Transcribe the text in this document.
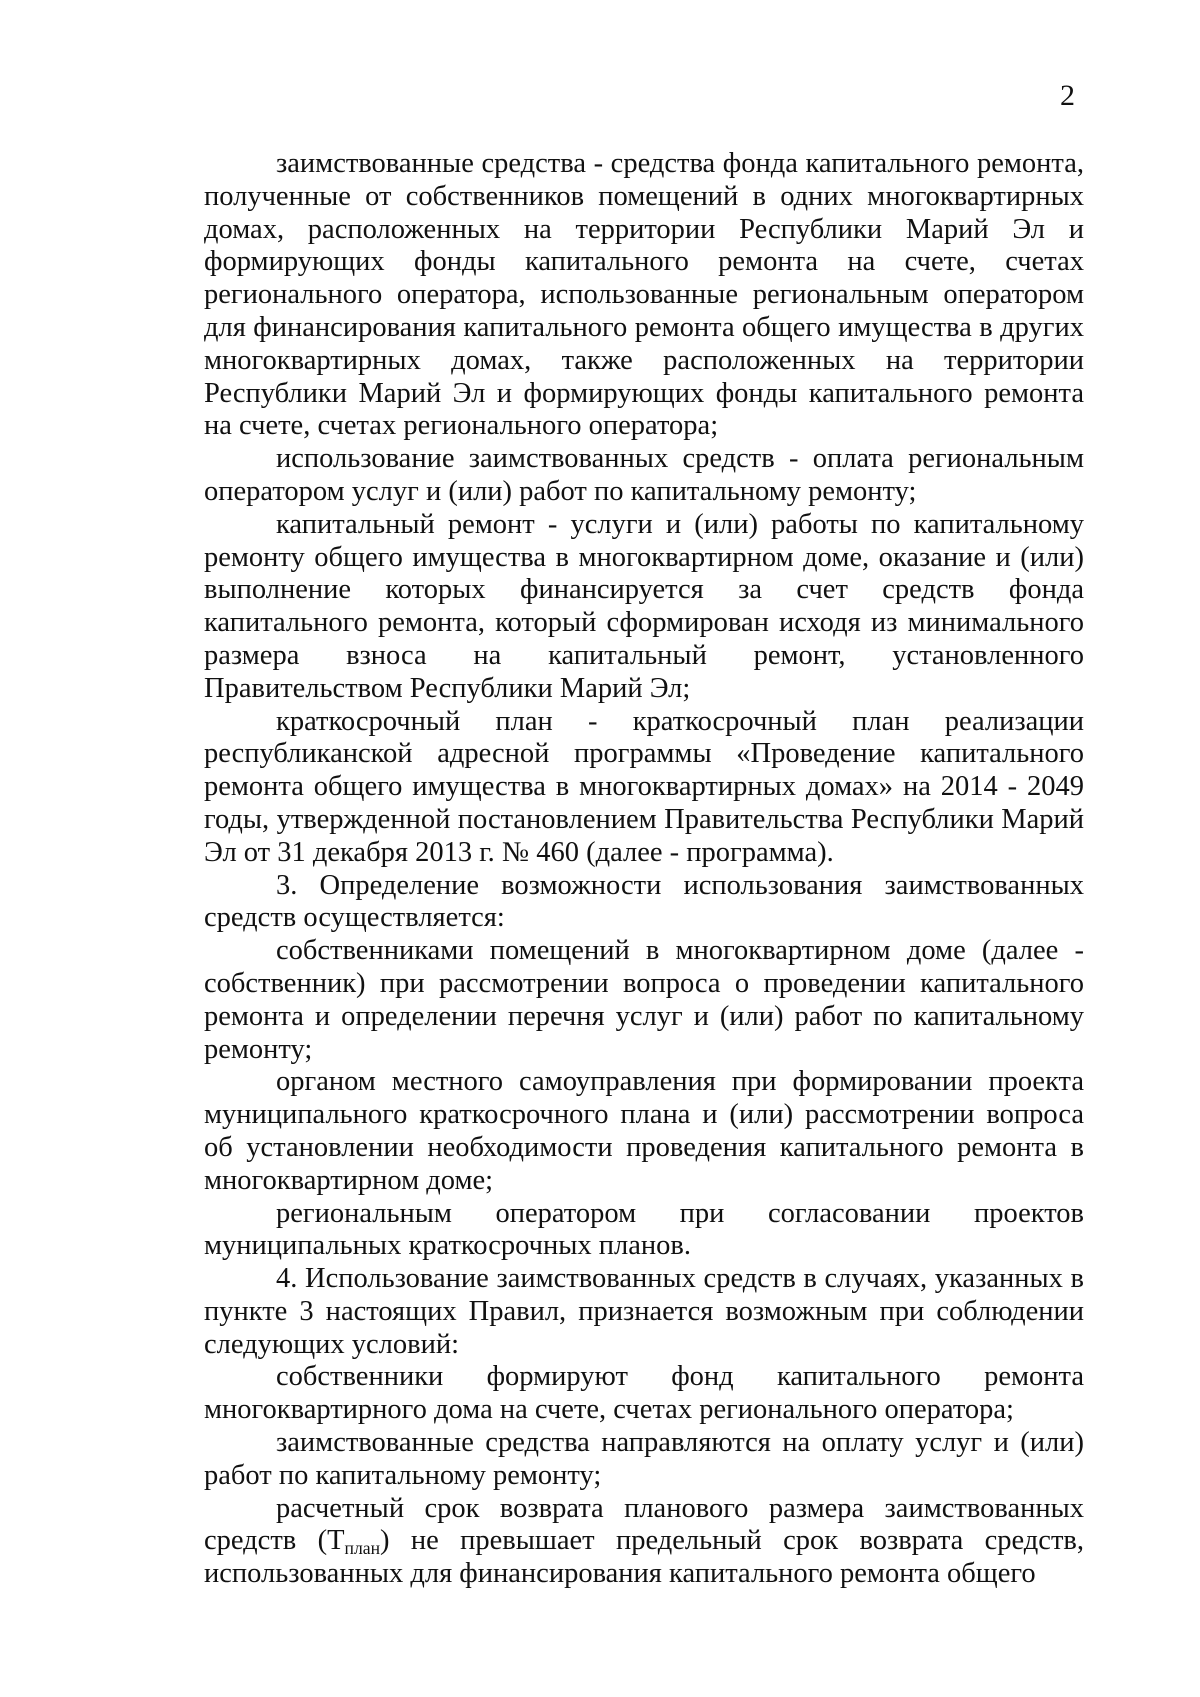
2

заимствованные средства - средства фонда капитального ремонта, полученные от собственников помещений в одних многоквартирных домах, расположенных на территории Республики Марий Эл и формирующих фонды капитального ремонта на счете, счетах регионального оператора, использованные региональным оператором для финансирования капитального ремонта общего имущества в других многоквартирных домах, также расположенных на территории Республики Марий Эл и формирующих фонды капитального ремонта на счете, счетах регионального оператора;

использование заимствованных средств - оплата региональным оператором услуг и (или) работ по капитальному ремонту;

капитальный ремонт - услуги и (или) работы по капитальному ремонту общего имущества в многоквартирном доме, оказание и (или) выполнение которых финансируется за счет средств фонда капитального ремонта, который сформирован исходя из минимального размера взноса на капитальный ремонт, установленного Правительством Республики Марий Эл;

краткосрочный план - краткосрочный план реализации республиканской адресной программы «Проведение капитального ремонта общего имущества в многоквартирных домах» на 2014 - 2049 годы, утвержденной постановлением Правительства Республики Марий Эл от 31 декабря 2013 г. № 460 (далее - программа).

3. Определение возможности использования заимствованных средств осуществляется:

собственниками помещений в многоквартирном доме (далее - собственник) при рассмотрении вопроса о проведении капитального ремонта и определении перечня услуг и (или) работ по капитальному ремонту;

органом местного самоуправления при формировании проекта муниципального краткосрочного плана и (или) рассмотрении вопроса об установлении необходимости проведения капитального ремонта в многоквартирном доме;

региональным оператором при согласовании проектов муниципальных краткосрочных планов.

4. Использование заимствованных средств в случаях, указанных в пункте 3 настоящих Правил, признается возможным при соблюдении следующих условий:

собственники формируют фонд капитального ремонта многоквартирного дома на счете, счетах регионального оператора;

заимствованные средства направляются на оплату услуг и (или) работ по капитальному ремонту;

расчетный срок возврата планового размера заимствованных средств $(Т_{план})$ не превышает предельный срок возврата средств, использованных для финансирования капитального ремонта общего
